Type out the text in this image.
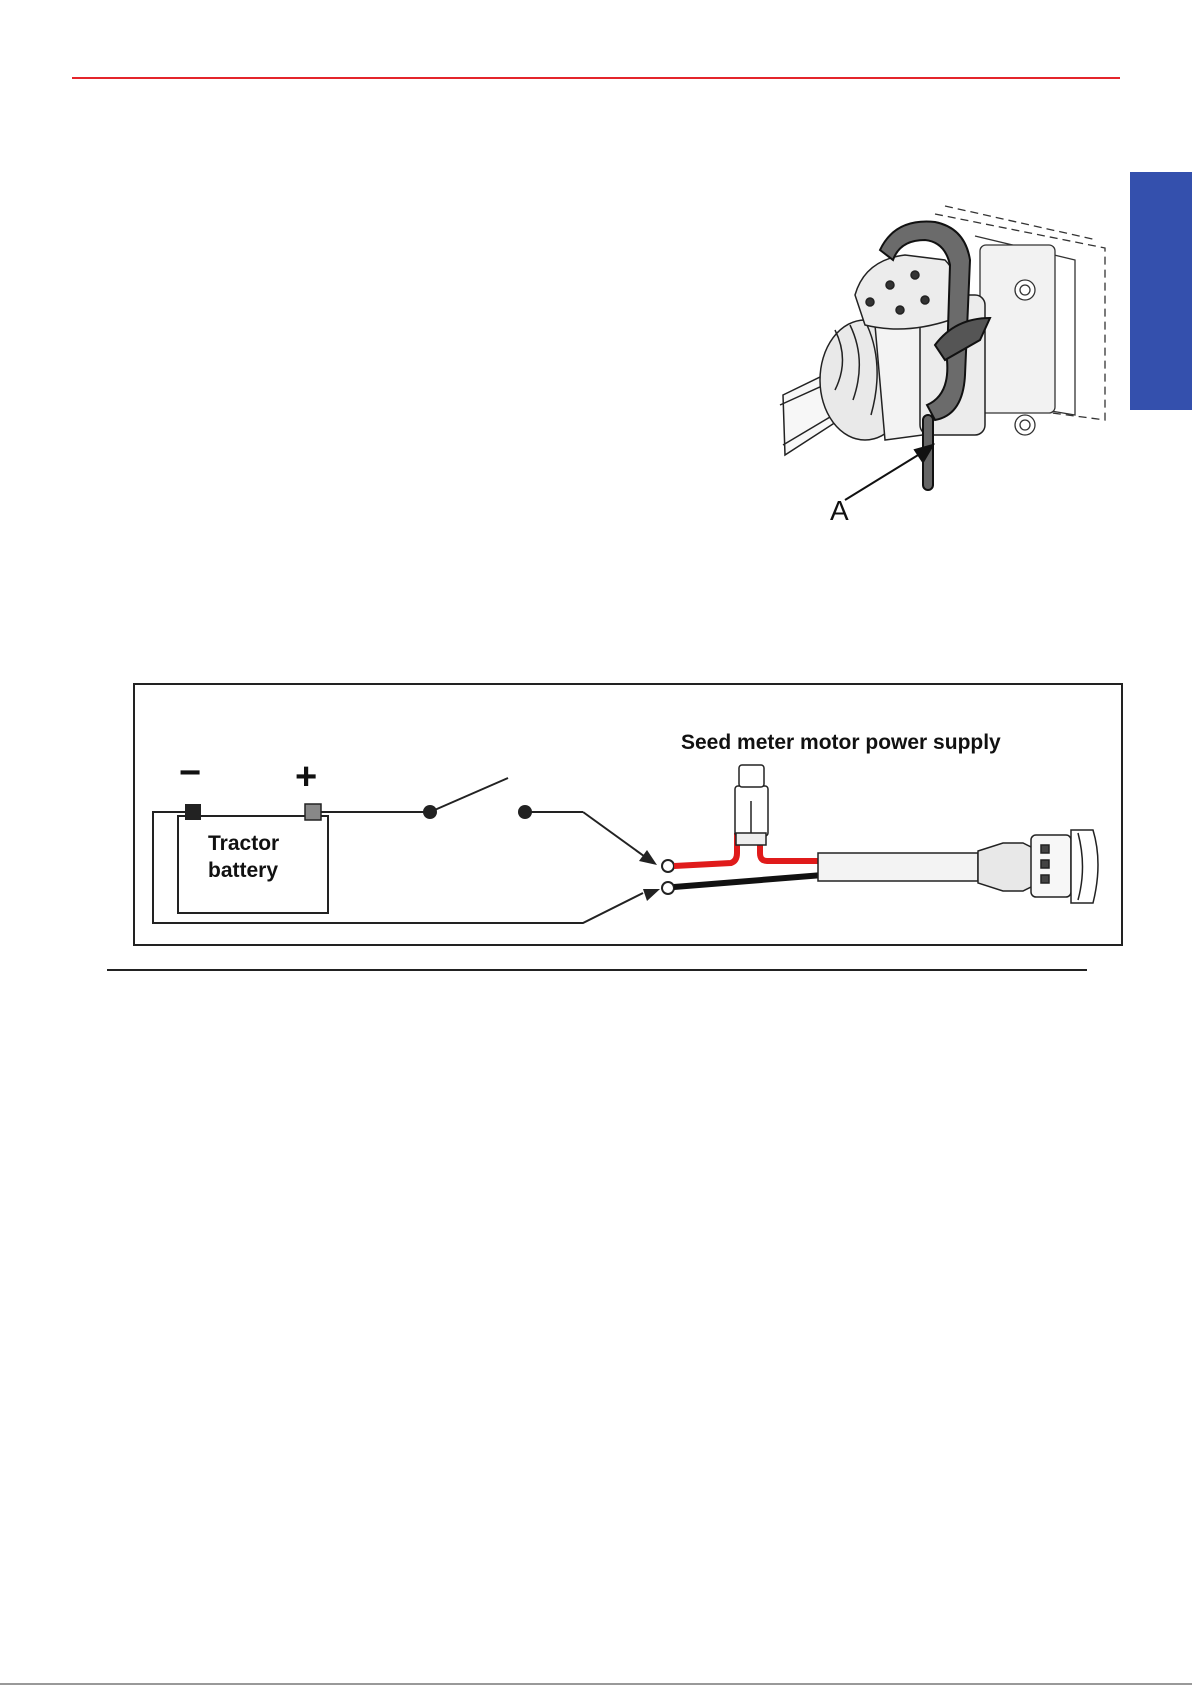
A
Seed meter motor power supply
− +
Tractor
battery
